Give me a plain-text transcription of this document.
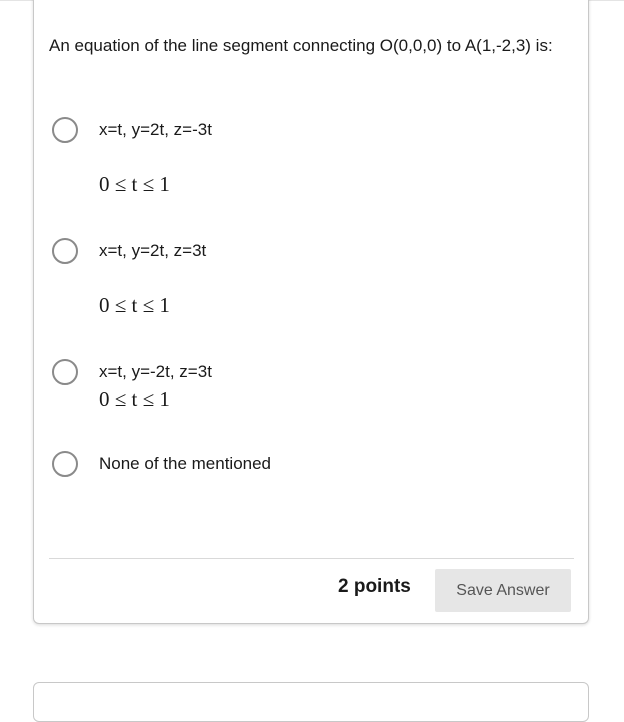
An equation of the line segment connecting O(0,0,0) to A(1,-2,3) is:
x=t, y=2t, z=-3t
0 ≤ t ≤ 1
x=t, y=2t, z=3t
0 ≤ t ≤ 1
x=t, y=-2t, z=3t
0 ≤ t ≤ 1
None of the mentioned
2 points	Save Answer
